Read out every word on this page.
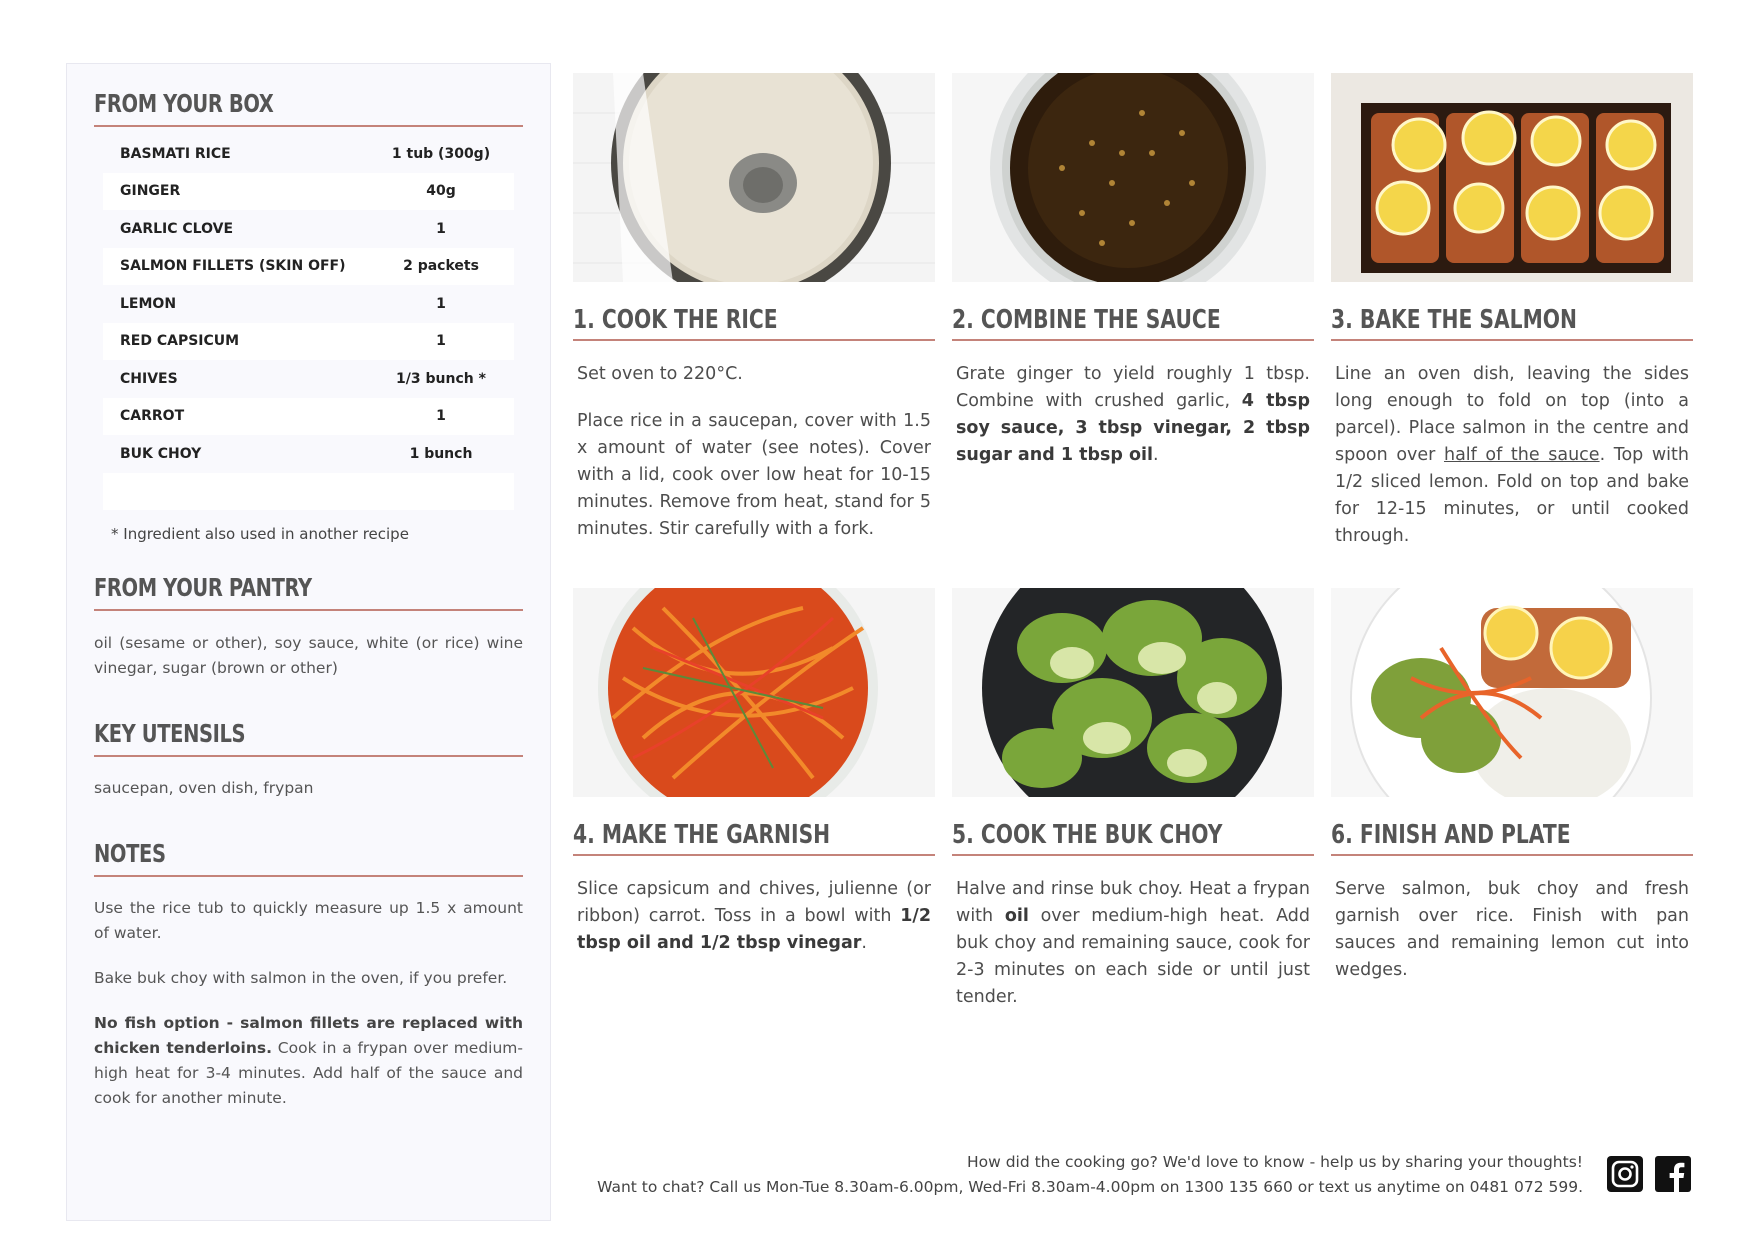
FROM YOUR BOX
BASMATI RICE	1 tub (300g)
GINGER	40g
GARLIC CLOVE	1
SALMON FILLETS (SKIN OFF)	2 packets
LEMON	1
RED CAPSICUM	1
CHIVES	1/3 bunch *
CARROT	1
BUK CHOY	1 bunch
* Ingredient also used in another recipe
FROM YOUR PANTRY

oil (sesame or other), soy sauce, white (or rice) wine vinegar, sugar (brown or other)

KEY UTENSILS

saucepan, oven dish, frypan

NOTES

Use the rice tub to quickly measure up 1.5 x amount of water.

Bake buk choy with salmon in the oven, if you prefer.

No fish option - salmon fillets are replaced with chicken tenderloins. Cook in a frypan over medium-high heat for 3-4 minutes. Add half of the sauce and cook for another minute.

1. COOK THE RICE

Set oven to 220°C.

Place rice in a saucepan, cover with 1.5 x amount of water (see notes). Cover with a lid, cook over low heat for 10-15 minutes. Remove from heat, stand for 5 minutes. Stir carefully with a fork.

2. COMBINE THE SAUCE

Grate ginger to yield roughly 1 tbsp. Combine with crushed garlic, 4 tbsp soy sauce, 3 tbsp vinegar, 2 tbsp sugar and 1 tbsp oil.

3. BAKE THE SALMON

Line an oven dish, leaving the sides long enough to fold on top (into a parcel). Place salmon in the centre and spoon over half of the sauce. Top with 1/2 sliced lemon. Fold on top and bake for 12-15 minutes, or until cooked through.

4. MAKE THE GARNISH

Slice capsicum and chives, julienne (or ribbon) carrot. Toss in a bowl with 1/2 tbsp oil and 1/2 tbsp vinegar.

5. COOK THE BUK CHOY

Halve and rinse buk choy. Heat a frypan with oil over medium-high heat. Add buk choy and remaining sauce, cook for 2-3 minutes on each side or until just tender.

6. FINISH AND PLATE

Serve salmon, buk choy and fresh garnish over rice. Finish with pan sauces and remaining lemon cut into wedges.

How did the cooking go? We'd love to know - help us by sharing your thoughts!
Want to chat? Call us Mon-Tue 8.30am-6.00pm, Wed-Fri 8.30am-4.00pm on 1300 135 660 or text us anytime on 0481 072 599.
